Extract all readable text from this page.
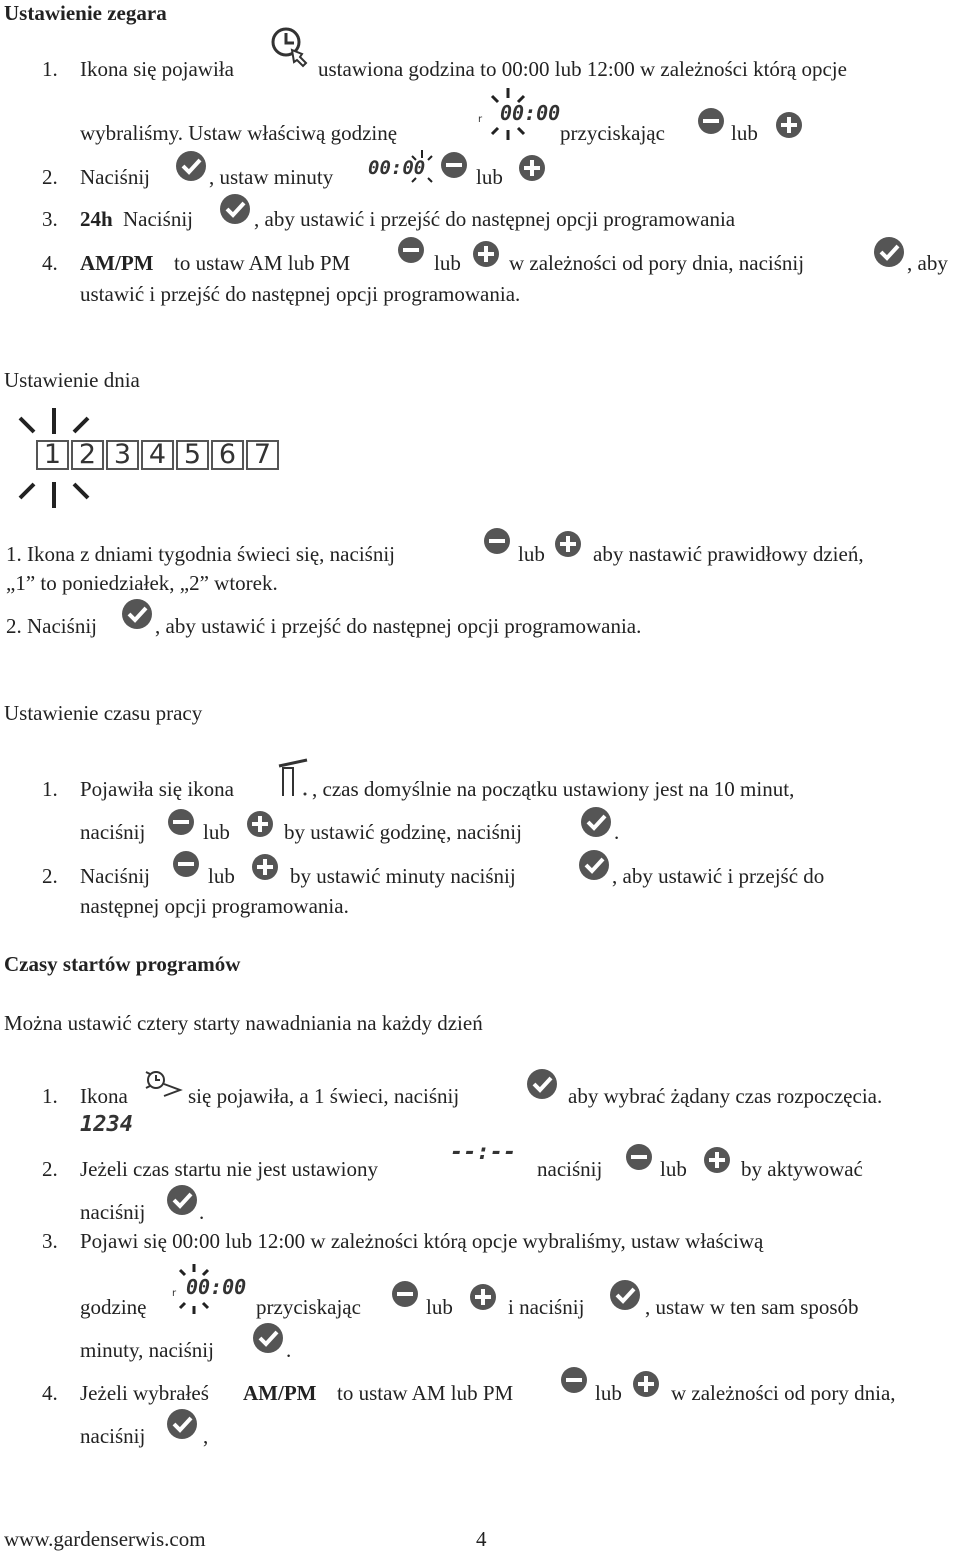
Ustawienie zegara
1. Ikona się pojawiła	ustawiona godzina to 00:00 lub 12:00 w zależności którą opcje
wybraliśmy. Ustaw właściwą godzinę
00:00
r
przyciskając	lub
2. Naciśnij	, ustaw minuty 00:00 lub
3. 24h Naciśnij	, aby ustawić i przejść do następnej opcji programowania
4. AM/PM to ustaw AM lub PM	lub w zależności od pory dnia, naciśnij	, aby
ustawić i przejść do następnej opcji programowania.
Ustawienie dnia
1 2 3 4 5 6 7
1. Ikona z dniami tygodnia świeci się, naciśnij	lub aby nastawić prawidłowy dzień,
„1” to poniedziałek, „2” wtorek.
2. Naciśnij	, aby ustawić i przejść do następnej opcji programowania.
Ustawienie czasu pracy
1. Pojawiła się ikona	, czas domyślnie na początku ustawiony jest na 10 minut,
naciśnij	lub	by ustawić godzinę, naciśnij	.
2. Naciśnij	lub	by ustawić minuty naciśnij	, aby ustawić i przejść do
następnej opcji programowania.
Czasy startów programów
Można ustawić cztery starty nawadniania na każdy dzień
1. Ikona
1234
się pojawiła, a 1 świeci, naciśnij	aby wybrać żądany czas rozpoczęcia.
2. Jeżeli czas startu nie jest ustawiony
--:--
naciśnij	lub	by aktywować
naciśnij	.
3. Pojawi się 00:00 lub 12:00 w zależności którą opcje wybraliśmy, ustaw właściwą
godzinę
00:00
r
przyciskając	lub	i naciśnij	, ustaw w ten sam sposób
minuty, naciśnij	.
4. Jeżeli wybrałeś AM/PM to ustaw AM lub PM	lub w zależności od pory dnia,
naciśnij	,
www.gardenserwis.com	4
